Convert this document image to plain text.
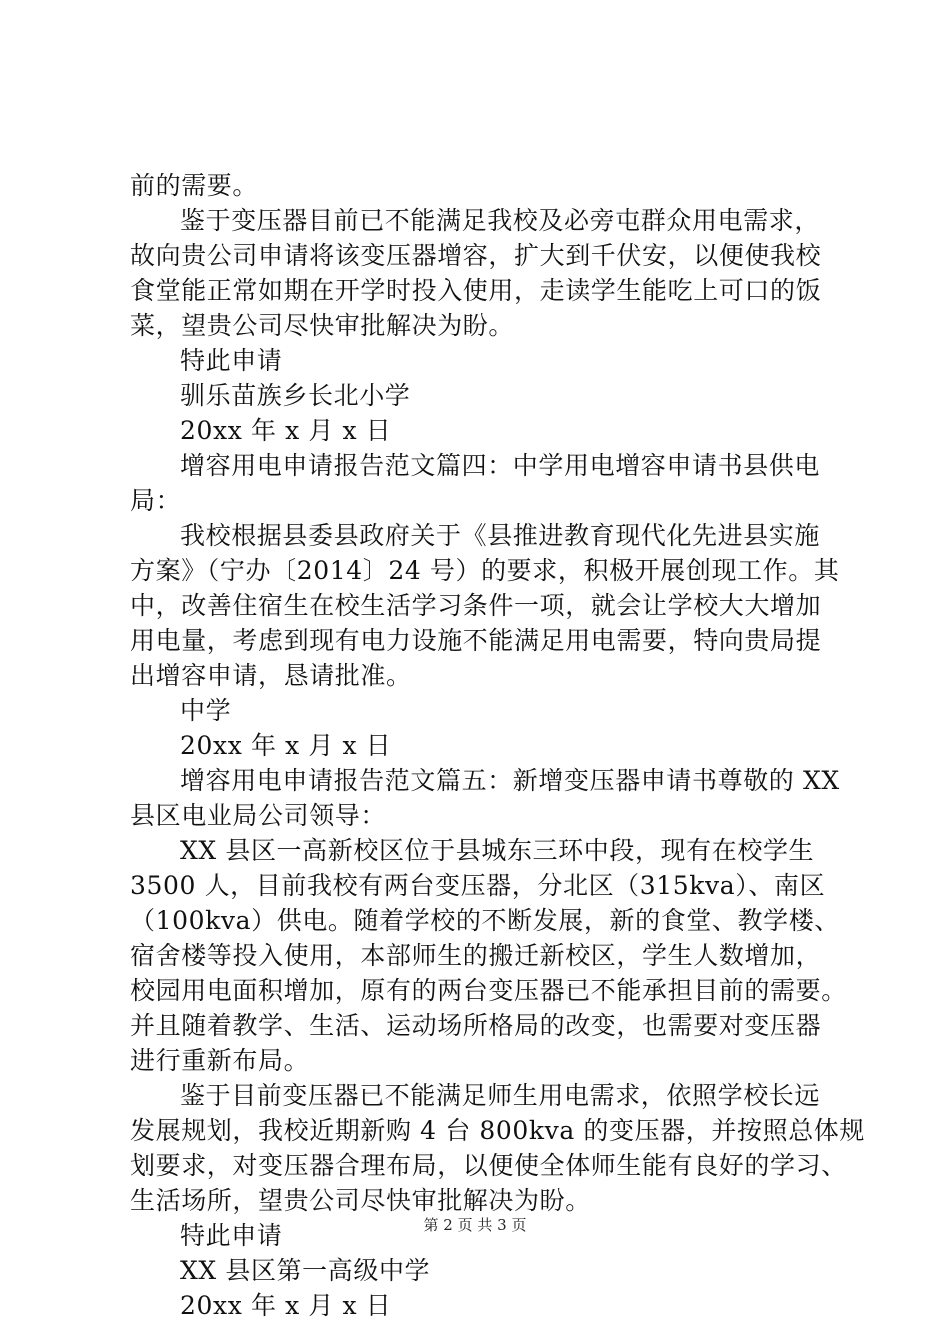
前的需要。
鉴于变压器目前已不能满足我校及必旁屯群众用电需求，
故向贵公司申请将该变压器增容，扩大到千伏安，以便使我校
食堂能正常如期在开学时投入使用，走读学生能吃上可口的饭
菜，望贵公司尽快审批解决为盼。
特此申请
驯乐苗族乡长北小学
20xx 年 x 月 x 日
增容用电申请报告范文篇四：中学用电增容申请书县供电
局：
我校根据县委县政府关于《县推进教育现代化先进县实施
方案》（宁办〔2014〕24 号）的要求，积极开展创现工作。其
中，改善住宿生在校生活学习条件一项，就会让学校大大增加
用电量，考虑到现有电力设施不能满足用电需要，特向贵局提
出增容申请，恳请批准。
中学
20xx 年 x 月 x 日
增容用电申请报告范文篇五：新增变压器申请书尊敬的 XX
县区电业局公司领导：
XX 县区一高新校区位于县城东三环中段，现有在校学生
3500 人，目前我校有两台变压器，分北区（315kva）、南区
（100kva）供电。随着学校的不断发展，新的食堂、教学楼、
宿舍楼等投入使用，本部师生的搬迁新校区，学生人数增加，
校园用电面积增加，原有的两台变压器已不能承担目前的需要。
并且随着教学、生活、运动场所格局的改变，也需要对变压器
进行重新布局。
鉴于目前变压器已不能满足师生用电需求，依照学校长远
发展规划，我校近期新购 4 台 800kva 的变压器，并按照总体规
划要求，对变压器合理布局，以便使全体师生能有良好的学习、
生活场所，望贵公司尽快审批解决为盼。
特此申请
XX 县区第一高级中学
20xx 年 x 月 x 日
第 2 页 共 3 页
